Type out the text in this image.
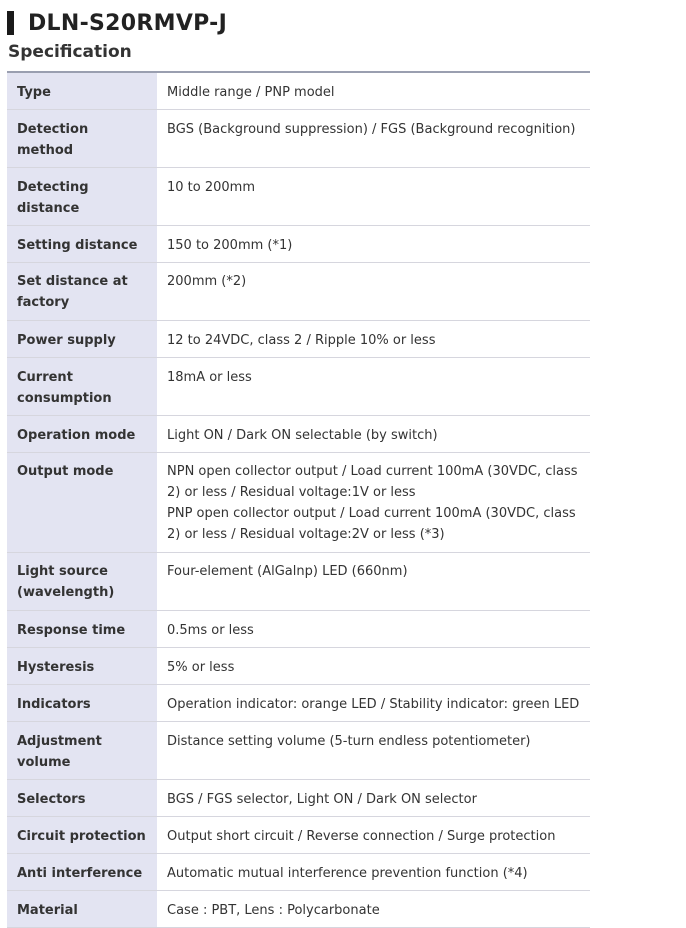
DLN-S20RMVP-J
Specification
Type	Middle range / PNP model
Detection method	BGS (Background suppression) / FGS (Background recognition)
Detecting distance	10 to 200mm
Setting distance	150 to 200mm (*1)
Set distance at factory	200mm (*2)
Power supply	12 to 24VDC, class 2 / Ripple 10% or less
Current consumption	18mA or less
Operation mode	Light ON / Dark ON selectable (by switch)
Output mode	NPN open collector output / Load current 100mA (30VDC, class 2) or less / Residual voltage:1V or less
PNP open collector output / Load current 100mA (30VDC, class 2) or less / Residual voltage:2V or less (*3)

Light source (wavelength)	Four-element (AlGalnp) LED (660nm)
Response time	0.5ms or less
Hysteresis	5% or less
Indicators	Operation indicator: orange LED / Stability indicator: green LED
Adjustment volume	Distance setting volume (5-turn endless potentiometer)
Selectors	BGS / FGS selector, Light ON / Dark ON selector
Circuit protection	Output short circuit / Reverse connection / Surge protection
Anti interference	Automatic mutual interference prevention function (*4)
Material	Case : PBT, Lens : Polycarbonate
